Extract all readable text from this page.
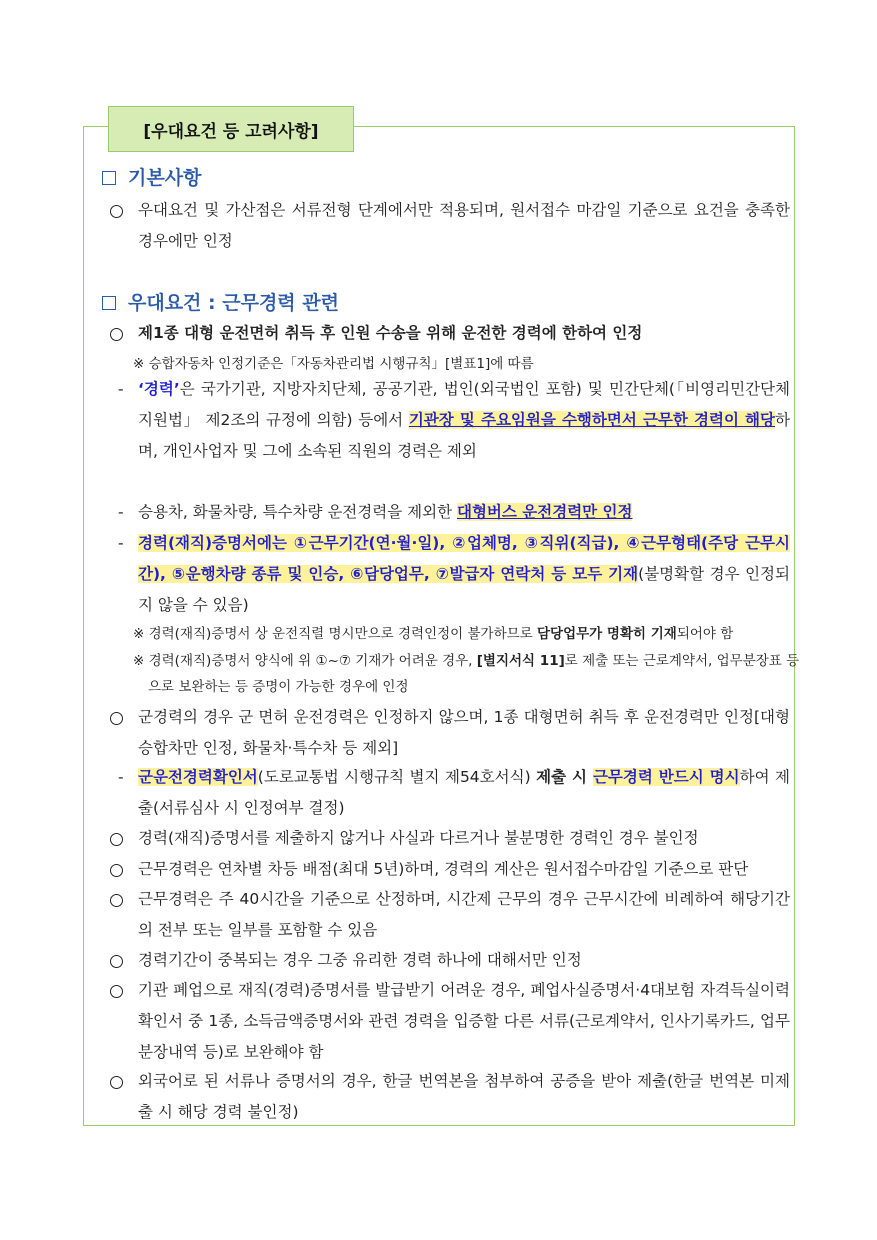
[우대요건 등 고려사항]
기본사항
우대요건 및 가산점은 서류전형 단계에서만 적용되며, 원서접수 마감일 기준으로 요건을 충족한 경우에만 인정
우대요건 : 근무경력 관련
제1종 대형 운전면허 취득 후 인원 수송을 위해 운전한 경력에 한하여 인정
※ 승합자동차 인정기준은「자동차관리법 시행규칙」[별표1]에 따름
- ‘경력’은 국가기관, 지방자치단체, 공공기관, 법인(외국법인 포함) 및 민간단체(「비영리민간단체지원법」 제2조의 규정에 의함) 등에서 기관장 및 주요임원을 수행하면서 근무한 경력이 해당하며, 개인사업자 및 그에 소속된 직원의 경력은 제외
- 승용차, 화물차량, 특수차량 운전경력을 제외한 대형버스 운전경력만 인정
- 경력(재직)증명서에는 ①근무기간(연·월·일), ②업체명, ③직위(직급), ④근무형태(주당 근무시간), ⑤운행차량 종류 및 인승, ⑥담당업무, ⑦발급자 연락처 등 모두 기재(불명확할 경우 인정되지 않을 수 있음)
※ 경력(재직)증명서 상 운전직렬 명시만으로 경력인정이 불가하므로 담당업무가 명확히 기재되어야 함
※ 경력(재직)증명서 양식에 위 ①~⑦ 기재가 어려운 경우, [별지서식 11]로 제출 또는 근로계약서, 업무분장표 등으로 보완하는 등 증명이 가능한 경우에 인정
군경력의 경우 군 면허 운전경력은 인정하지 않으며, 1종 대형면허 취득 후 운전경력만 인정[대형 승합차만 인정, 화물차·특수차 등 제외]
- 군운전경력확인서(도로교통법 시행규칙 별지 제54호서식) 제출 시 근무경력 반드시 명시하여 제출(서류심사 시 인정여부 결정)
경력(재직)증명서를 제출하지 않거나 사실과 다르거나 불분명한 경력인 경우 불인정
근무경력은 연차별 차등 배점(최대 5년)하며, 경력의 계산은 원서접수마감일 기준으로 판단
근무경력은 주 40시간을 기준으로 산정하며, 시간제 근무의 경우 근무시간에 비례하여 해당기간의 전부 또는 일부를 포함할 수 있음
경력기간이 중복되는 경우 그중 유리한 경력 하나에 대해서만 인정
기관 폐업으로 재직(경력)증명서를 발급받기 어려운 경우, 폐업사실증명서·4대보험 자격득실이력확인서 중 1종, 소득금액증명서와 관련 경력을 입증할 다른 서류(근로계약서, 인사기록카드, 업무분장내역 등)로 보완해야 함
외국어로 된 서류나 증명서의 경우, 한글 번역본을 첨부하여 공증을 받아 제출(한글 번역본 미제출 시 해당 경력 불인정)
